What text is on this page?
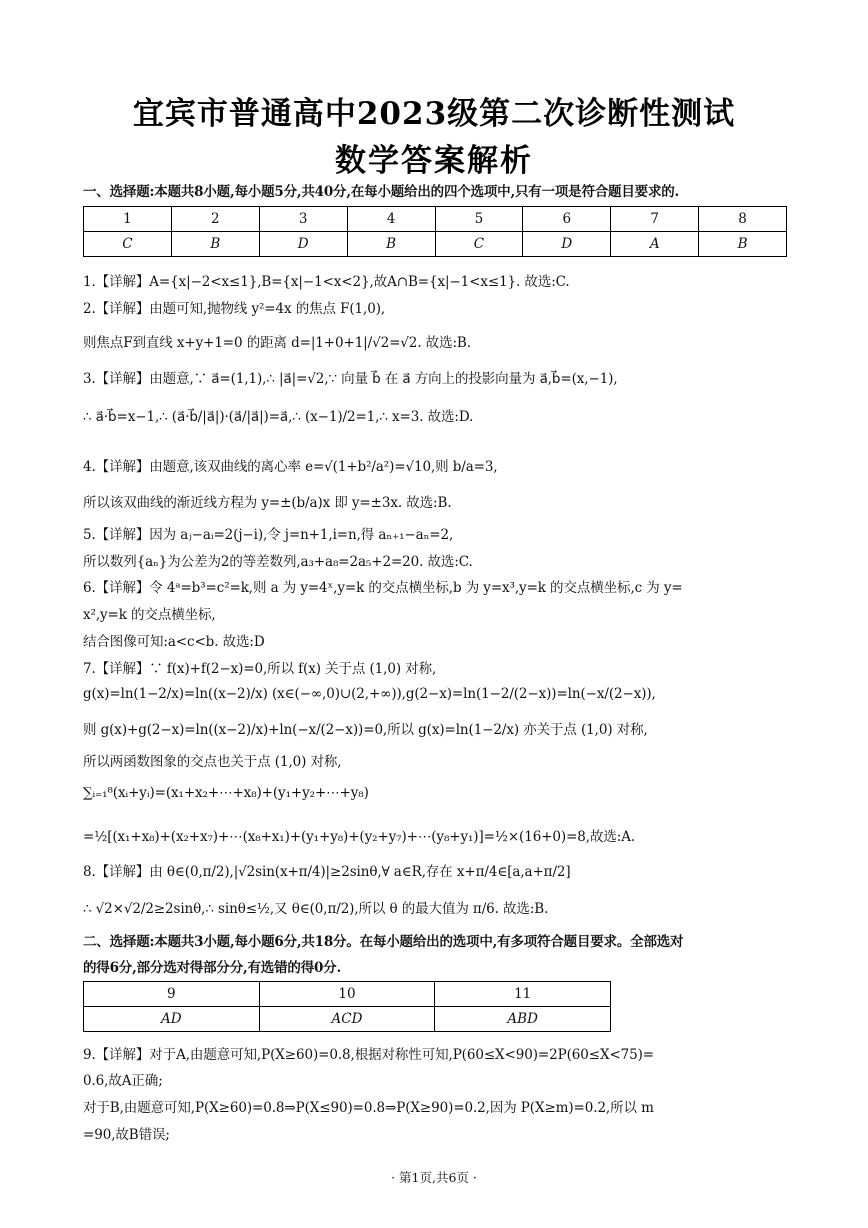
宜宾市普通高中2023级第二次诊断性测试
数学答案解析
一、选择题:本题共8小题,每小题5分,共40分,在每小题给出的四个选项中,只有一项是符合题目要求的.
1	2	3	4	5	6	7	8
C	B	D	B	C	D	A	B
1.【详解】A={x|−2<x≤1},B={x|−1<x<2},故A∩B={x|−1<x≤1}. 故选:C.
2.【详解】由题可知,抛物线 y²=4x 的焦点 F(1,0),
则焦点F到直线 x+y+1=0 的距离 d=|1+0+1|/√2=√2. 故选:B.
3.【详解】由题意,∵ a⃗=(1,1),∴ |a⃗|=√2,∵ 向量 b⃗ 在 a⃗ 方向上的投影向量为 a⃗,b⃗=(x,−1),
∴ a⃗·b⃗=x−1,∴ (a⃗·b⃗/|a⃗|)·(a⃗/|a⃗|)=a⃗,∴ (x−1)/2=1,∴ x=3. 故选:D.
4.【详解】由题意,该双曲线的离心率 e=√(1+b²/a²)=√10,则 b/a=3,
所以该双曲线的渐近线方程为 y=±(b/a)x 即 y=±3x. 故选:B.
5.【详解】因为 aⱼ−aᵢ=2(j−i),令 j=n+1,i=n,得 aₙ₊₁−aₙ=2,
所以数列{aₙ}为公差为2的等差数列,a₃+a₈=2a₅+2=20. 故选:C.
6.【详解】令 4ᵃ=b³=c²=k,则 a 为 y=4ˣ,y=k 的交点横坐标,b 为 y=x³,y=k 的交点横坐标,c 为 y=
x²,y=k 的交点横坐标,
结合图像可知:a<c<b. 故选:D
7.【详解】∵ f(x)+f(2−x)=0,所以 f(x) 关于点 (1,0) 对称,
g(x)=ln(1−2/x)=ln((x−2)/x) (x∈(−∞,0)∪(2,+∞)),g(2−x)=ln(1−2/(2−x))=ln(−x/(2−x)),
则 g(x)+g(2−x)=ln((x−2)/x)+ln(−x/(2−x))=0,所以 g(x)=ln(1−2/x) 亦关于点 (1,0) 对称,
所以两函数图象的交点也关于点 (1,0) 对称,
∑ᵢ₌₁⁸(xᵢ+yᵢ)=(x₁+x₂+⋯+x₈)+(y₁+y₂+⋯+y₈)
=½[(x₁+x₈)+(x₂+x₇)+⋯(x₈+x₁)+(y₁+y₈)+(y₂+y₇)+⋯(y₈+y₁)]=½×(16+0)=8,故选:A.
8.【详解】由 θ∈(0,π/2),|√2sin(x+π/4)|≥2sinθ,∀ a∈R,存在 x+π/4∈[a,a+π/2]
∴ √2×√2/2≥2sinθ,∴ sinθ≤½,又 θ∈(0,π/2),所以 θ 的最大值为 π/6. 故选:B.
二、选择题:本题共3小题,每小题6分,共18分。在每小题给出的选项中,有多项符合题目要求。全部选对
的得6分,部分选对得部分分,有选错的得0分.
9	10	11
AD	ACD	ABD
9.【详解】对于A,由题意可知,P(X≥60)=0.8,根据对称性可知,P(60≤X<90)=2P(60≤X<75)=
0.6,故A正确;
对于B,由题意可知,P(X≥60)=0.8⇒P(X≤90)=0.8⇒P(X≥90)=0.2,因为 P(X≥m)=0.2,所以 m
=90,故B错误;
· 第1页,共6页 ·
